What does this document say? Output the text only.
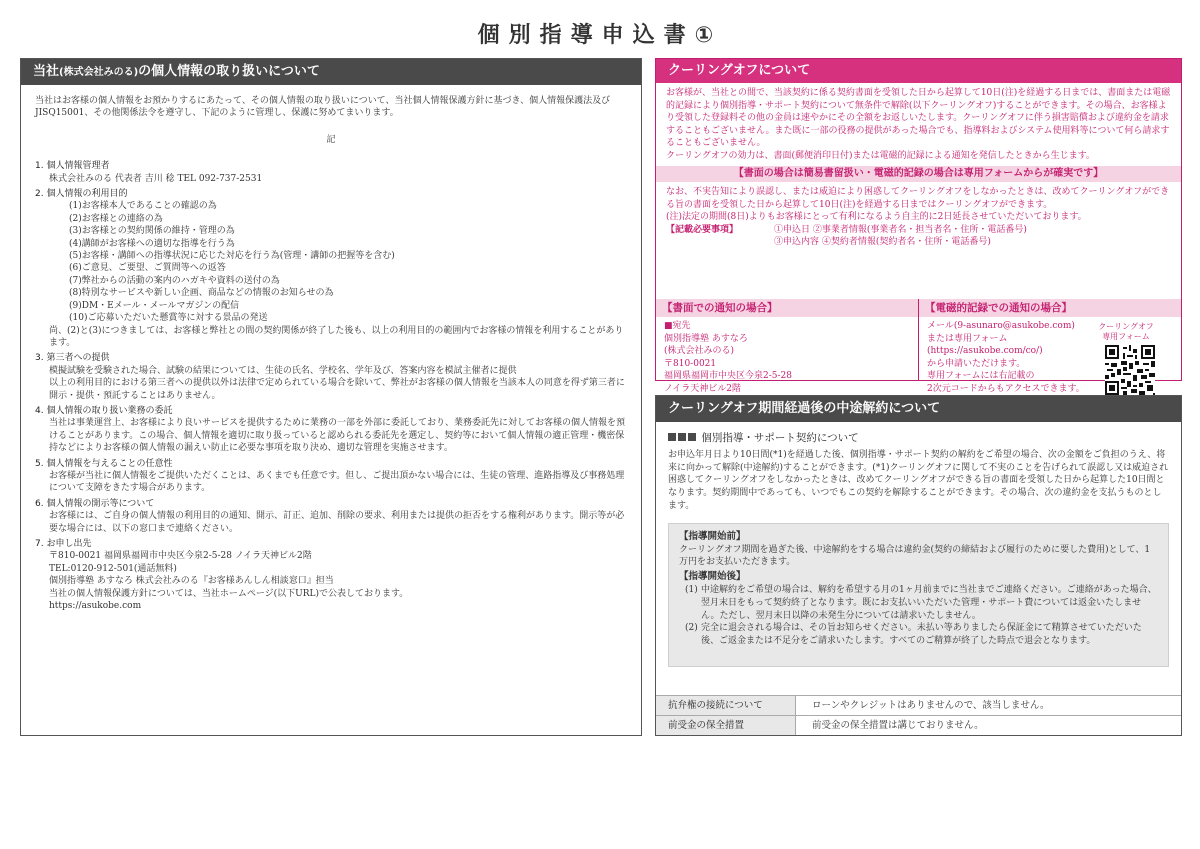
個別指導申込書①
当社(株式会社みのる)の個人情報の取り扱いについて

当社はお客様の個人情報をお預かりするにあたって、その個人情報の取り扱いについて、当社個人情報保護方針に基づき、個人情報保護法及びJISQ15001、その他関係法令を遵守し、下記のように管理し、保護に努めてまいります。

記

1. 個人情報管理者

株式会社みのる 代表者 吉川 稔 TEL 092-737-2531

2. 個人情報の利用目的

(1)お客様本人であることの確認の為

(2)お客様との連絡の為

(3)お客様との契約関係の維持・管理の為

(4)講師がお客様への適切な指導を行う為

(5)お客様・講師への指導状況に応じた対応を行う為(管理・講師の把握等を含む)

(6)ご意見、ご要望、ご質問等への返答

(7)弊社からの活動の案内のハガキや資料の送付の為

(8)特別なサービスや新しい企画、商品などの情報のお知らせの為

(9)DM・Eメール・メールマガジンの配信

(10)ご応募いただいた懸賞等に対する景品の発送

尚、(2)と(3)につきましては、お客様と弊社との間の契約関係が終了した後も、以上の利用目的の範囲内でお客様の情報を利用することがあります。

3. 第三者への提供

模擬試験を受験された場合、試験の結果については、生徒の氏名、学校名、学年及び、答案内容を模試主催者に提供

以上の利用目的における第三者への提供以外は法律で定められている場合を除いて、弊社がお客様の個人情報を当該本人の同意を得ず第三者に開示・提供・預託することはありません。

4. 個人情報の取り扱い業務の委託

当社は事業運営上、お客様により良いサービスを提供するために業務の一部を外部に委託しており、業務委託先に対してお客様の個人情報を預けることがあります。この場合、個人情報を適切に取り扱っていると認められる委託先を選定し、契約等において個人情報の適正管理・機密保持などによりお客様の個人情報の漏えい防止に必要な事項を取り決め、適切な管理を実施させます。

5. 個人情報を与えることの任意性

お客様が当社に個人情報をご提供いただくことは、あくまでも任意です。但し、ご提出頂かない場合には、生徒の管理、進路指導及び事務処理について支障をきたす場合があります。

6. 個人情報の開示等について

お客様には、ご自身の個人情報の利用目的の通知、開示、訂正、追加、削除の要求、利用または提供の拒否をする権利があります。開示等が必要な場合には、以下の窓口まで連絡ください。

7. お申し出先

〒810-0021 福岡県福岡市中央区今泉2-5-28 ノイラ天神ビル2階

TEL:0120-912-501(通話無料)

個別指導塾 あすなろ 株式会社みのる『お客様あんしん相談窓口』担当

当社の個人情報保護方針については、当社ホームページ(以下URL)で公表しております。

https://asukobe.com

クーリングオフについて

お客様が、当社との間で、当該契約に係る契約書面を受領した日から起算して10日(注)を経過する日までは、書面または電磁的記録により個別指導・サポート契約について無条件で解除(以下クーリングオフ)することができます。その場合、お客様より受領した登録料その他の金員は速やかにその全額をお返しいたします。クーリングオフに伴う損害賠償および違約金を請求することもございません。また既に一部の役務の提供があった場合でも、指導料およびシステム使用料等について何ら請求することもございません。

クーリングオフの効力は、書面(郵便消印日付)または電磁的記録による通知を発信したときから生じます。

【書面の場合は簡易書留扱い・電磁的記録の場合は専用フォームからが確実です】

なお、不実告知により誤認し、または威迫により困惑してクーリングオフをしなかったときは、改めてクーリングオフができる旨の書面を受領した日から起算して10日(注)を経過する日まではクーリングオフができます。

(注)法定の期間(8日)よりもお客様にとって有利になるよう自主的に2日延長させていただいております。

【記載必要事項】	①申込日 ②事業者情報(事業者名・担当者名・住所・電話番号)
③申込内容 ④契約者情報(契約者名・住所・電話番号)
【書面での通知の場合】

■宛先

個別指導塾 あすなろ

(株式会社みのる)

〒810-0021

福岡県福岡市中央区今泉2-5-28

ノイラ天神ビル2階

【電磁的記録での通知の場合】

メール(9-asunaro@asukobe.com)

または専用フォーム

(https://asukobe.com/co/)

から申請いただけます。

専用フォームには右記載の

2次元コードからもアクセスできます。

クーリングオフ
専用フォーム
クーリングオフ期間経過後の中途解約について

個別指導・サポート契約について

お申込年月日より10日間(*1)を経過した後、個別指導・サポート契約の解約をご希望の場合、次の金額をご負担のうえ、将来に向かって解除(中途解約)することができます。(*1)クーリングオフに関して不実のことを告げられて誤認し又は威迫され困惑してクーリングオフをしなかったときは、改めてクーリングオフができる旨の書面を受領した日から起算した10日間となります。契約期間中であっても、いつでもこの契約を解除することができます。その場合、次の違約金を支払うものとします。

【指導開始前】

クーリングオフ期間を過ぎた後、中途解約をする場合は違約金(契約の締結および履行のために要した費用)として、1万円をお支払いただきます。

【指導開始後】

(1) 中途解約をご希望の場合は、解約を希望する月の1ヶ月前までに当社までご連絡ください。ご連絡があった場合、翌月末日をもって契約終了となります。既にお支払いいただいた管理・サポート費については返金いたしません。ただし、翌月末日以降の未発生分については請求いたしません。
(2) 完全に退会される場合は、その旨お知らせください。未払い等ありましたら保証金にて精算させていただいた後、ご返金または不足分をご請求いたします。すべてのご精算が終了した時点で退会となります。
抗弁権の接続について	ローンやクレジットはありませんので、該当しません。
前受金の保全措置	前受金の保全措置は講じておりません。
